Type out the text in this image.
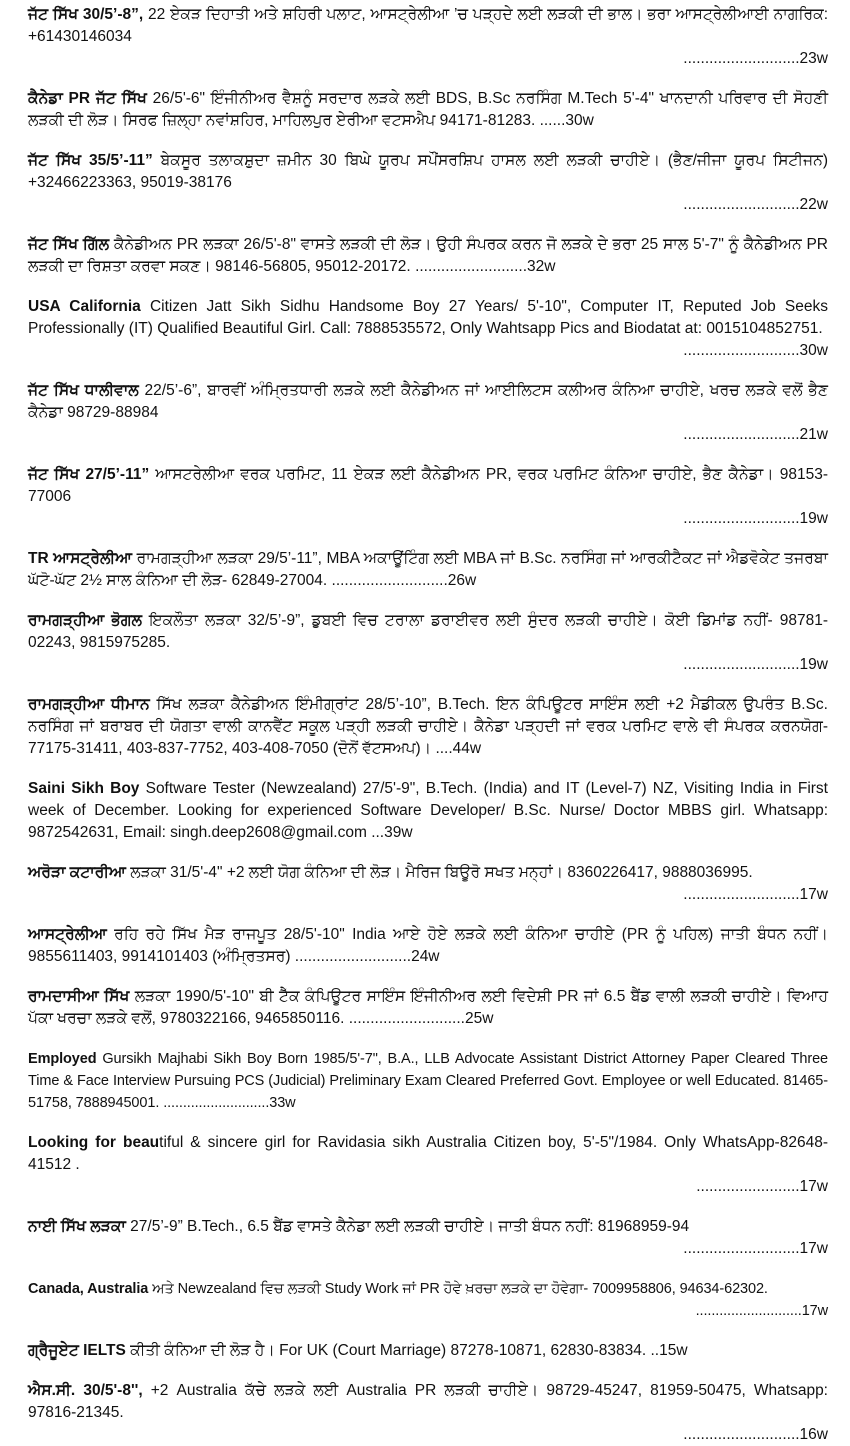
ਜੱਟ ਸਿੱਖ 30/5’-8”, 22 ਏਕੜ ਦਿਹਾਤੀ ਅਤੇ ਸ਼ਹਿਰੀ ਪਲਾਟ, ਆਸਟ੍ਰੇਲੀਆ ’ਚ ਪੜ੍ਹਦੇ ਲਈ ਲੜਕੀ ਦੀ ਭਾਲ। ਭਰਾ ਆਸਟ੍ਰੇਲੀਆਈ ਨਾਗਰਿਕ: +61430146034
...........................23w
ਕੈਨੇਡਾ PR ਜੱਟ ਸਿੱਖ 26/5'-6" ਇੰਜੀਨੀਅਰ ਵੈਸ਼ਨੂੰ ਸਰਦਾਰ ਲੜਕੇ ਲਈ BDS, B.Sc ਨਰਸਿੰਗ M.Tech 5'-4" ਖਾਨਦਾਨੀ ਪਰਿਵਾਰ ਦੀ ਸੋਹਣੀ ਲੜਕੀ ਦੀ ਲੋੜ। ਸਿਰਫ ਜ਼ਿਲ੍ਹਾ ਨਵਾਂਸ਼ਹਿਰ, ਮਾਹਿਲਪੁਰ ਏਰੀਆ ਵਟਸਐਪ 94171-81283. ......30w
ਜੱਟ ਸਿੱਖ 35/5’-11” ਬੇਕਸੂਰ ਤਲਾਕਸ਼ੁਦਾ ਜ਼ਮੀਨ 30 ਬਿਘੇ ਯੂਰਪ ਸਪੌਂਸਰਸ਼ਿਪ ਹਾਸਲ ਲਈ ਲੜਕੀ ਚਾਹੀਏ। (ਭੈਣ/ਜੀਜਾ ਯੂਰਪ ਸਿਟੀਜਨ) +32466223363, 95019-38176
...........................22w
ਜੱਟ ਸਿੱਖ ਗਿੱਲ ਕੈਨੇਡੀਅਨ PR ਲੜਕਾ 26/5'-8" ਵਾਸਤੇ ਲੜਕੀ ਦੀ ਲੋੜ। ਉਹੀ ਸੰਪਰਕ ਕਰਨ ਜੋ ਲੜਕੇ ਦੇ ਭਰਾ 25 ਸਾਲ 5'-7" ਨੂੰ ਕੈਨੇਡੀਅਨ PR ਲੜਕੀ ਦਾ ਰਿਸ਼ਤਾ ਕਰਵਾ ਸਕਣ। 98146-56805, 95012-20172. ..........................32w
USA California Citizen Jatt Sikh Sidhu Handsome Boy 27 Years/ 5'-10", Computer IT, Reputed Job Seeks Professionally (IT) Qualified Beautiful Girl. Call: 7888535572, Only Wahtsapp Pics and Biodatat at: 0015104852751.
...........................30w
ਜੱਟ ਸਿੱਖ ਧਾਲੀਵਾਲ 22/5’-6”, ਬਾਰਵੀਂ ਅੰਮ੍ਰਿਤਧਾਰੀ ਲੜਕੇ ਲਈ ਕੈਨੇਡੀਅਨ ਜਾਂ ਆਈਲਿਟਸ ਕਲੀਅਰ ਕੰਨਿਆ ਚਾਹੀਏ, ਖਰਚ ਲੜਕੇ ਵਲੋਂ ਭੈਣ ਕੈਨੇਡਾ 98729-88984
...........................21w
ਜੱਟ ਸਿੱਖ 27/5’-11” ਆਸਟਰੇਲੀਆ ਵਰਕ ਪਰਮਿਟ, 11 ਏਕੜ ਲਈ ਕੈਨੇਡੀਅਨ PR, ਵਰਕ ਪਰਮਿਟ ਕੰਨਿਆ ਚਾਹੀਏ, ਭੈਣ ਕੈਨੇਡਾ। 98153-77006
...........................19w
TR ਆਸਟ੍ਰੇਲੀਆ ਰਾਮਗੜ੍ਹੀਆ ਲੜਕਾ 29/5’-11”, MBA ਅਕਾਊਂਟਿੰਗ ਲਈ MBA ਜਾਂ B.Sc. ਨਰਸਿੰਗ ਜਾਂ ਆਰਕੀਟੈਕਟ ਜਾਂ ਐਡਵੋਕੇਟ ਤਜਰਬਾ ਘੱਟੋ-ਘੱਟ 2½ ਸਾਲ ਕੰਨਿਆ ਦੀ ਲੋੜ- 62849-27004. ...........................26w
ਰਾਮਗੜ੍ਹੀਆ ਭੋਗਲ ਇਕਲੌਤਾ ਲੜਕਾ 32/5’-9”, ਡੁਬਈ ਵਿਚ ਟਰਾਲਾ ਡਰਾਈਵਰ ਲਈ ਸੁੰਦਰ ਲੜਕੀ ਚਾਹੀਏ। ਕੋਈ ਡਿਮਾਂਡ ਨਹੀਂ- 98781-02243, 9815975285.
...........................19w
ਰਾਮਗੜ੍ਹੀਆ ਧੀਮਾਨ ਸਿੱਖ ਲੜਕਾ ਕੈਨੇਡੀਅਨ ਇੰਮੀਗ੍ਰਾਂਟ 28/5’-10”, B.Tech. ਇਨ ਕੰਪਿਊਟਰ ਸਾਇੰਸ ਲਈ +2 ਮੈਡੀਕਲ ਉਪਰੰਤ B.Sc. ਨਰਸਿੰਗ ਜਾਂ ਬਰਾਬਰ ਦੀ ਯੋਗਤਾ ਵਾਲੀ ਕਾਨਵੈਂਟ ਸਕੂਲ ਪੜ੍ਹੀ ਲੜਕੀ ਚਾਹੀਏ। ਕੈਨੇਡਾ ਪੜ੍ਹਦੀ ਜਾਂ ਵਰਕ ਪਰਮਿਟ ਵਾਲੇ ਵੀ ਸੰਪਰਕ ਕਰਨਯੋਗ- 77175-31411, 403-837-7752, 403-408-7050 (ਦੋਨੋਂ ਵੱਟਸਅਪ)। ....44w
Saini Sikh Boy Software Tester (Newzealand) 27/5'-9", B.Tech. (India) and IT (Level-7) NZ, Visiting India in First week of December. Looking for experienced Software Developer/ B.Sc. Nurse/ Doctor MBBS girl. Whatsapp: 9872542631, Email: singh.deep2608@gmail.com ...39w
ਅਰੋੜਾ ਕਟਾਰੀਆ ਲੜਕਾ 31/5'-4" +2 ਲਈ ਯੋਗ ਕੰਨਿਆ ਦੀ ਲੋੜ। ਮੈਰਿਜ ਬਿਊਰੋ ਸਖਤ ਮਨ੍ਹਾਂ। 8360226417, 9888036995.
...........................17w
ਆਸਟ੍ਰੇਲੀਆ ਰਹਿ ਰਹੇ ਸਿੱਖ ਮੈੜ ਰਾਜਪੂਤ 28/5'-10" India ਆਏ ਹੋਏ ਲੜਕੇ ਲਈ ਕੰਨਿਆ ਚਾਹੀਏ (PR ਨੂੰ ਪਹਿਲ) ਜਾਤੀ ਬੰਧਨ ਨਹੀਂ। 9855611403, 9914101403 (ਅੰਮ੍ਰਿਤਸਰ) ...........................24w
ਰਾਮਦਾਸੀਆ ਸਿੱਖ ਲੜਕਾ 1990/5'-10" ਬੀ ਟੈੱਕ ਕੰਪਿਊਟਰ ਸਾਇੰਸ ਇੰਜੀਨੀਅਰ ਲਈ ਵਿਦੇਸ਼ੀ PR ਜਾਂ 6.5 ਬੈਂਡ ਵਾਲੀ ਲੜਕੀ ਚਾਹੀਏ। ਵਿਆਹ ਪੱਕਾ ਖਰਚਾ ਲੜਕੇ ਵਲੋਂ, 9780322166, 9465850116. ...........................25w
Employed Gursikh Majhabi Sikh Boy Born 1985/5'-7", B.A., LLB Advocate Assistant District Attorney Paper Cleared Three Time & Face Interview Pursuing PCS (Judicial) Preliminary Exam Cleared Preferred Govt. Employee or well Educated. 81465-51758, 7888945001. ...........................33w
Looking for beautiful & sincere girl for Ravidasia sikh Australia Citizen boy, 5'-5"/1984. Only WhatsApp-82648-41512 .
........................17w
ਨਾਈ ਸਿੱਖ ਲੜਕਾ 27/5’-9” B.Tech., 6.5 ਬੈਂਡ ਵਾਸਤੇ ਕੈਨੇਡਾ ਲਈ ਲੜਕੀ ਚਾਹੀਏ। ਜਾਤੀ ਬੰਧਨ ਨਹੀਂ: 81968959-94
...........................17w
Canada, Australia ਅਤੇ Newzealand ਵਿਚ ਲੜਕੀ Study Work ਜਾਂ PR ਹੋਵੇ ਖ਼ਰਚਾ ਲੜਕੇ ਦਾ ਹੋਵੇਗਾ- 7009958806, 94634-62302.
...........................17w
ਗ੍ਰੈਜੂਏਟ IELTS ਕੀਤੀ ਕੰਨਿਆ ਦੀ ਲੋੜ ਹੈ। For UK (Court Marriage) 87278-10871, 62830-83834. ..15w
ਐਸ.ਸੀ. 30/5'-8'', +2 Australia ਕੱਚੇ ਲੜਕੇ ਲਈ Australia PR ਲੜਕੀ ਚਾਹੀਏ। 98729-45247, 81959-50475, Whatsapp: 97816-21345.
...........................16w
